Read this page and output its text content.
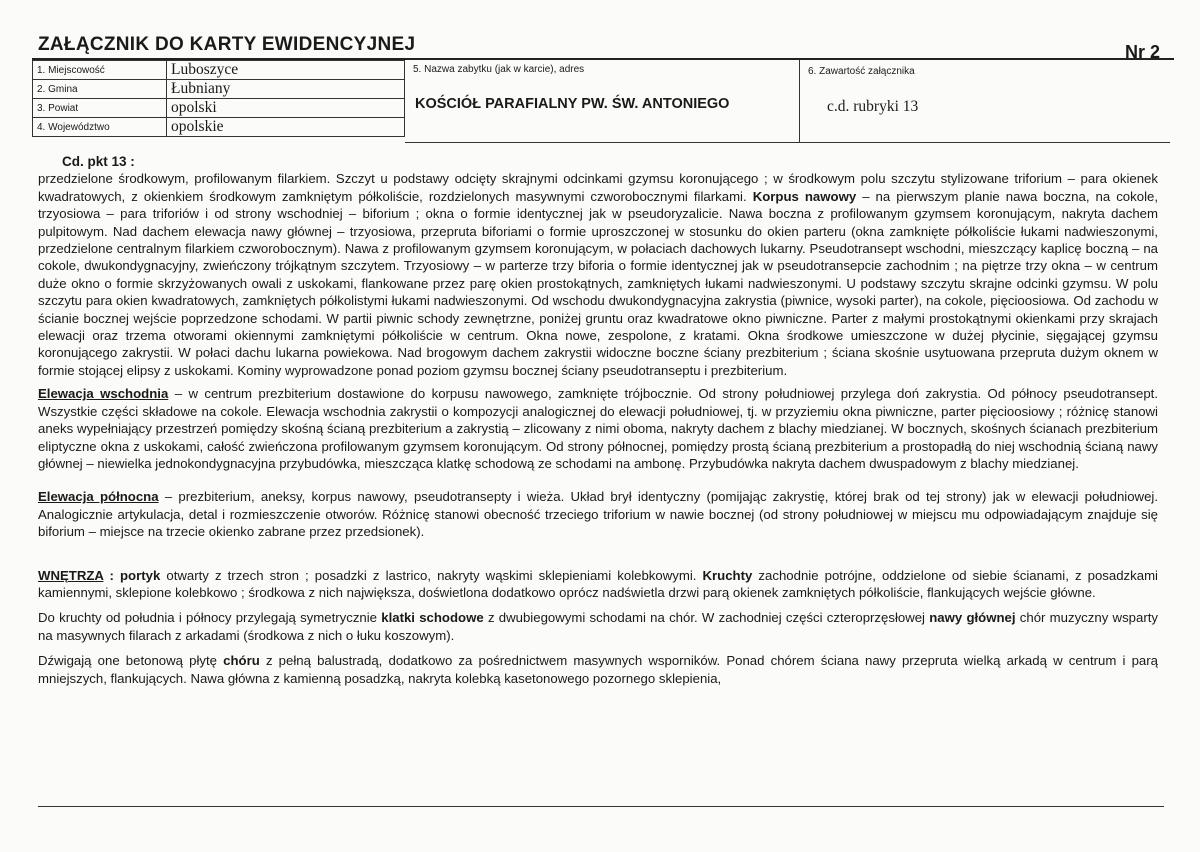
ZAŁĄCZNIK DO KARTY EWIDENCYJNEJ	Nr 2
1. Miejscowość	Luboszyce
2. Gmina	Łubniany
3. Powiat	opolski
4. Województwo	opolskie
5. Nazwa zabytku (jak w karcie), adres
KOŚCIÓŁ PARAFIALNY PW. ŚW. ANTONIEGO
6. Zawartość załącznika
c.d. rubryki 13

Cd. pkt 13 :

przedzielone środkowym, profilowanym filarkiem. Szczyt u podstawy odcięty skrajnymi odcinkami gzymsu koronującego ; w środkowym polu szczytu stylizowane triforium – para okienek kwadratowych, z okienkiem środkowym zamkniętym półkoliście, rozdzielonych masywnymi czworobocznymi filarkami. Korpus nawowy – na pierwszym planie nawa boczna, na cokole, trzyosiowa – para triforiów i od strony wschodniej – biforium ; okna o formie identycznej jak w pseudoryzalicie. Nawa boczna z profilowanym gzymsem koronującym, nakryta dachem pulpitowym. Nad dachem elewacja nawy głównej – trzyosiowa, przepruta biforiami o formie uproszczonej w stosunku do okien parteru (okna zamknięte półkoliście łukami nadwieszonymi, przedzielone centralnym filarkiem czworobocznym). Nawa z profilowanym gzymsem koronującym, w połaciach dachowych lukarny. Pseudotransept wschodni, mieszczący kaplicę boczną – na cokole, dwukondygnacyjny, zwieńczony trójkątnym szczytem. Trzyosiowy – w parterze trzy biforia o formie identycznej jak w pseudotransepcie zachodnim ; na piętrze trzy okna – w centrum duże okno o formie skrzyżowanych owali z uskokami, flankowane przez parę okien prostokątnych, zamkniętych łukami nadwieszonymi. U podstawy szczytu skrajne odcinki gzymsu. W polu szczytu para okien kwadratowych, zamkniętych półkolistymi łukami nadwieszonymi. Od wschodu dwukondygnacyjna zakrystia (piwnice, wysoki parter), na cokole, pięcioosiowa. Od zachodu w ścianie bocznej wejście poprzedzone schodami. W partii piwnic schody zewnętrzne, poniżej gruntu oraz kwadratowe okno piwniczne. Parter z małymi prostokątnymi okienkami przy skrajach elewacji oraz trzema otworami okiennymi zamkniętymi półkoliście w centrum. Okna nowe, zespolone, z kratami. Okna środkowe umieszczone w dużej płycinie, sięgającej gzymsu koronującego zakrystii. W połaci dachu lukarna powiekowa. Nad brogowym dachem zakrystii widoczne boczne ściany prezbiterium ; ściana skośnie usytuowana przepruta dużym oknem w formie stojącej elipsy z uskokami. Kominy wyprowadzone ponad poziom gzymsu bocznej ściany pseudotranseptu i prezbiterium.

Elewacja wschodnia – w centrum prezbiterium dostawione do korpusu nawowego, zamknięte trójbocznie. Od strony południowej przylega doń zakrystia. Od północy pseudotransept. Wszystkie części składowe na cokole. Elewacja wschodnia zakrystii o kompozycji analogicznej do elewacji południowej, tj. w przyziemiu okna piwniczne, parter pięcioosiowy ; różnicę stanowi aneks wypełniający przestrzeń pomiędzy skośną ścianą prezbiterium a zakrystią – zlicowany z nimi oboma, nakryty dachem z blachy miedzianej. W bocznych, skośnych ścianach prezbiterium eliptyczne okna z uskokami, całość zwieńczona profilowanym gzymsem koronującym. Od strony północnej, pomiędzy prostą ścianą prezbiterium a prostopadłą do niej wschodnią ścianą nawy głównej – niewielka jednokondygnacyjna przybudówka, mieszcząca klatkę schodową ze schodami na ambonę. Przybudówka nakryta dachem dwuspadowym z blachy miedzianej.

Elewacja północna – prezbiterium, aneksy, korpus nawowy, pseudotransepty i wieża. Układ brył identyczny (pomijając zakrystię, której brak od tej strony) jak w elewacji południowej. Analogicznie artykulacja, detal i rozmieszczenie otworów. Różnicę stanowi obecność trzeciego triforium w nawie bocznej (od strony południowej w miejscu mu odpowiadającym znajduje się biforium – miejsce na trzecie okienko zabrane przez przedsionek).

WNĘTRZA : portyk otwarty z trzech stron ; posadzki z lastrico, nakryty wąskimi sklepieniami kolebkowymi. Kruchty zachodnie potrójne, oddzielone od siebie ścianami, z posadzkami kamiennymi, sklepione kolebkowo ; środkowa z nich największa, doświetlona dodatkowo oprócz nadświetla drzwi parą okienek zamkniętych półkoliście, flankujących wejście główne.

Do kruchty od południa i północy przylegają symetrycznie klatki schodowe z dwubiegowymi schodami na chór. W zachodniej części czteroprzęsłowej nawy głównej chór muzyczny wsparty na masywnych filarach z arkadami (środkowa z nich o łuku koszowym).

Dźwigają one betonową płytę chóru z pełną balustradą, dodatkowo za pośrednictwem masywnych wsporników. Ponad chórem ściana nawy przepruta wielką arkadą w centrum i parą mniejszych, flankujących. Nawa główna z kamienną posadzką, nakryta kolebką kasetonowego pozornego sklepienia,
